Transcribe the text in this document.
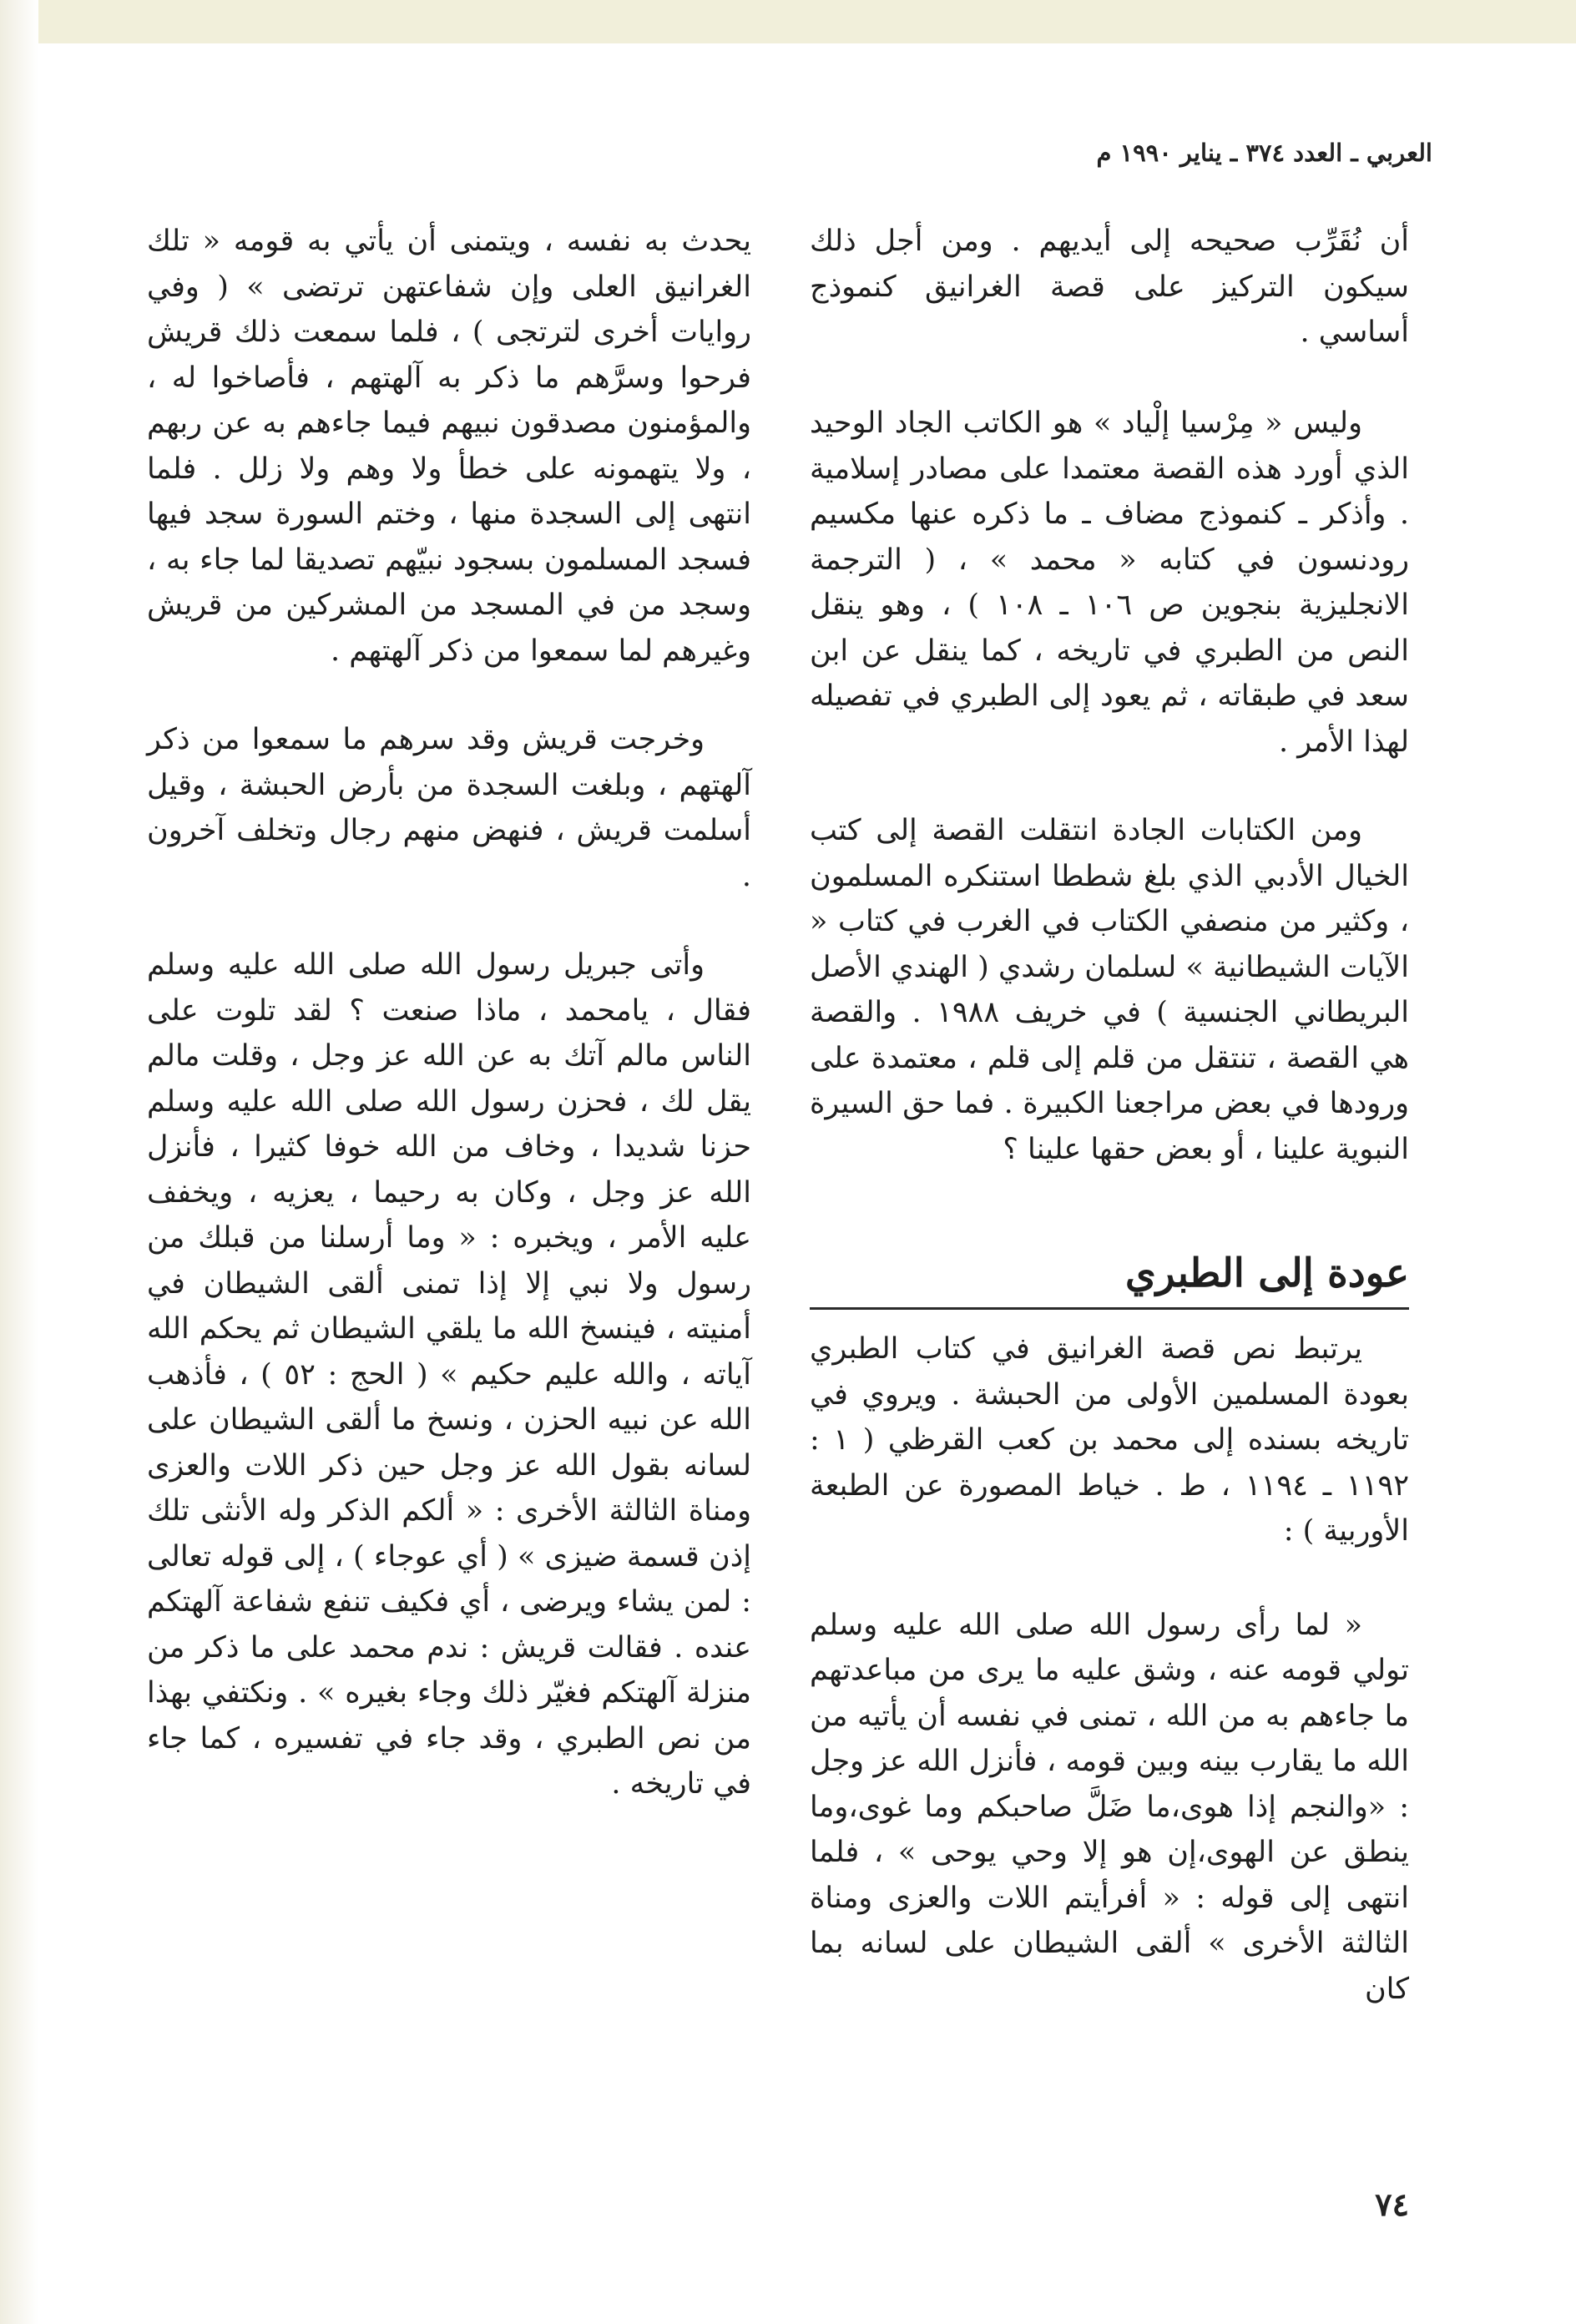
العربي ـ العدد ٣٧٤ ـ يناير ١٩٩٠ م

أن نُقَرِّب صحيحه إلى أيديهم . ومن أجل ذلك سيكون التركيز على قصة الغرانيق كنموذج أساسي .

وليس « مِرْسيا إلْياد » هو الكاتب الجاد الوحيد الذي أورد هذه القصة معتمدا على مصادر إسلامية . وأذكر ـ كنموذج مضاف ـ ما ذكره عنها مكسيم رودنسون في كتابه « محمد » ، ( الترجمة الانجليزية بنجوين ص ١٠٦ ـ ١٠٨ ) ، وهو ينقل النص من الطبري في تاريخه ، كما ينقل عن ابن سعد في طبقاته ، ثم يعود إلى الطبري في تفصيله لهذا الأمر .

ومن الكتابات الجادة انتقلت القصة إلى كتب الخيال الأدبي الذي بلغ شططا استنكره المسلمون ، وكثير من منصفي الكتاب في الغرب في كتاب « الآيات الشيطانية » لسلمان رشدي ( الهندي الأصل البريطاني الجنسية ) في خريف ١٩٨٨ . والقصة هي القصة ، تنتقل من قلم إلى قلم ، معتمدة على ورودها في بعض مراجعنا الكبيرة . فما حق السيرة النبوية علينا ، أو بعض حقها علينا ؟

عودة إلى الطبري

يرتبط نص قصة الغرانيق في كتاب الطبري بعودة المسلمين الأولى من الحبشة . ويروي في تاريخه بسنده إلى محمد بن كعب القرظي ( ١ : ١١٩٢ ـ ١١٩٤ ، ط . خياط المصورة عن الطبعة الأوربية ) :

« لما رأى رسول الله صلى الله عليه وسلم تولي قومه عنه ، وشق عليه ما يرى من مباعدتهم ما جاءهم به من الله ، تمنى في نفسه أن يأتيه من الله ما يقارب بينه وبين قومه ، فأنزل الله عز وجل : «والنجم إذا هوى،ما ضَلَّ صاحبكم وما غوى،وما ينطق عن الهوى،إن هو إلا وحي يوحى » ، فلما انتهى إلى قوله : « أفرأيتم اللات والعزى ومناة الثالثة الأخرى » ألقى الشيطان على لسانه بما كان

يحدث به نفسه ، ويتمنى أن يأتي به قومه « تلك الغرانيق العلى وإن شفاعتهن ترتضى » ( وفي روايات أخرى لترتجى ) ، فلما سمعت ذلك قريش فرحوا وسرَّهم ما ذكر به آلهتهم ، فأصاخوا له ، والمؤمنون مصدقون نبيهم فيما جاءهم به عن ربهم ، ولا يتهمونه على خطأ ولا وهم ولا زلل . فلما انتهى إلى السجدة منها ، وختم السورة سجد فيها فسجد المسلمون بسجود نبيّهم تصديقا لما جاء به ، وسجد من في المسجد من المشركين من قريش وغيرهم لما سمعوا من ذكر آلهتهم .

وخرجت قريش وقد سرهم ما سمعوا من ذكر آلهتهم ، وبلغت السجدة من بأرض الحبشة ، وقيل أسلمت قريش ، فنهض منهم رجال وتخلف آخرون .

وأتى جبريل رسول الله صلى الله عليه وسلم فقال ، يامحمد ، ماذا صنعت ؟ لقد تلوت على الناس مالم آتك به عن الله عز وجل ، وقلت مالم يقل لك ، فحزن رسول الله صلى الله عليه وسلم حزنا شديدا ، وخاف من الله خوفا كثيرا ، فأنزل الله عز وجل ، وكان به رحيما ، يعزيه ، ويخفف عليه الأمر ، ويخبره : « وما أرسلنا من قبلك من رسول ولا نبي إلا إذا تمنى ألقى الشيطان في أمنيته ، فينسخ الله ما يلقي الشيطان ثم يحكم الله آياته ، والله عليم حكيم » ( الحج : ٥٢ ) ، فأذهب الله عن نبيه الحزن ، ونسخ ما ألقى الشيطان على لسانه بقول الله عز وجل حين ذكر اللات والعزى ومناة الثالثة الأخرى : « ألكم الذكر وله الأنثى تلك إذن قسمة ضيزى » ( أي عوجاء ) ، إلى قوله تعالى : لمن يشاء ويرضى ، أي فكيف تنفع شفاعة آلهتكم عنده . فقالت قريش : ندم محمد على ما ذكر من منزلة آلهتكم فغيّر ذلك وجاء بغيره » . ونكتفي بهذا من نص الطبري ، وقد جاء في تفسيره ، كما جاء في تاريخه .

٧٤
